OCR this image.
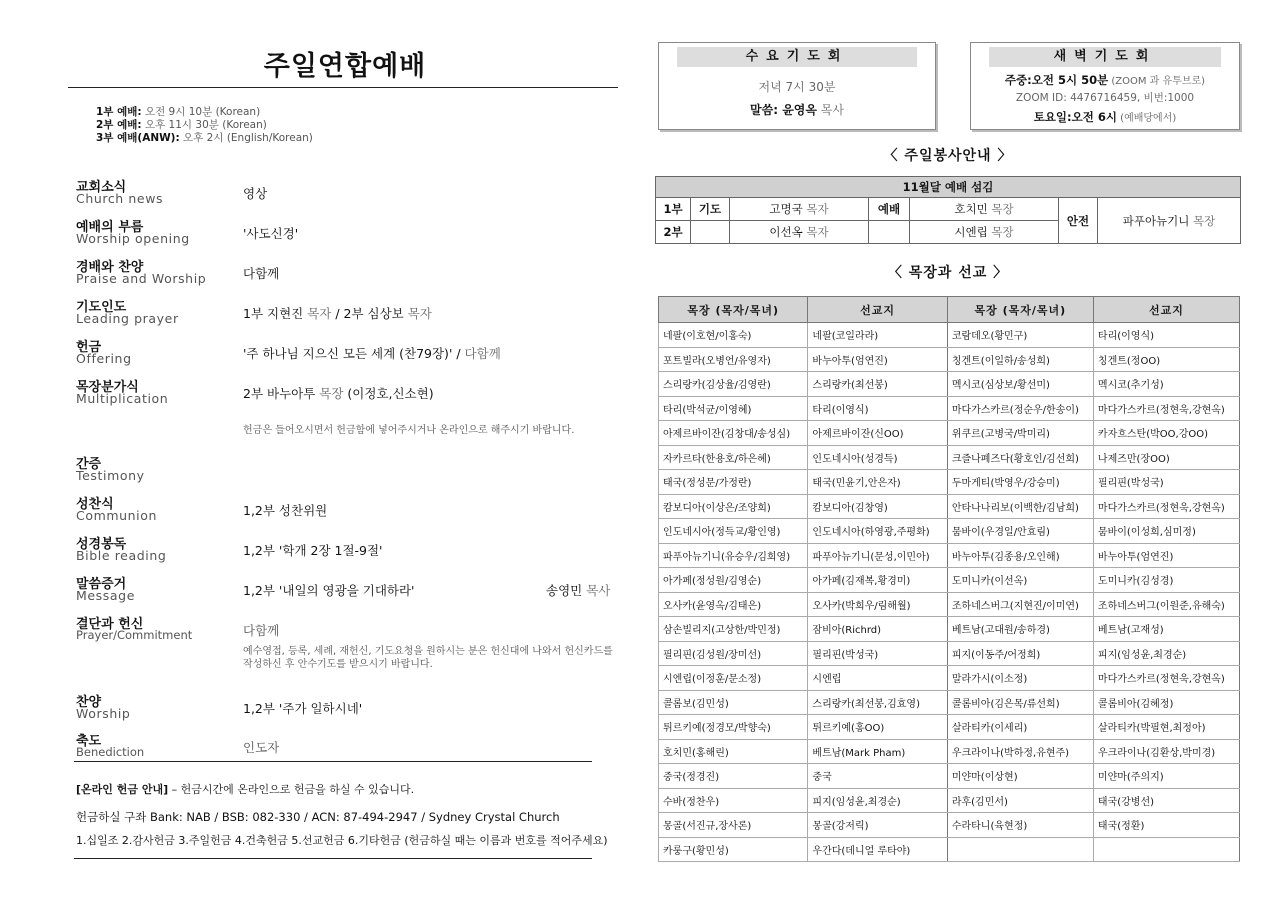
주일연합예배
1부 예배: 오전 9시 10분 (Korean)
2부 예배: 오후 11시 30분 (Korean)
3부 예배(ANW): 오후 2시 (English/Korean)
교회소식
Church news	영상
예배의 부름
Worship opening	'사도신경'
경배와 찬양
Praise and Worship	다함께
기도인도
Leading prayer	1부 지현진 목자 / 2부 심상보 목자
헌금
Offering	'주 하나님 지으신 모든 세계 (찬79장)' / 다함께
목장분가식
Multiplication	2부 바누아투 목장 (이정호,신소현)
헌금은 들어오시면서 헌금함에 넣어주시거나 온라인으로 해주시기 바랍니다.
간증
Testimony
성찬식
Communion	1,2부 성찬위원
성경봉독
Bible reading	1,2부 '학개 2장 1절-9절'
말씀증거
Message	1,2부 '내일의 영광을 기대하라'	송영민 목사
결단과 헌신
Prayer/Commitment	다함께
예수영접, 등록, 세례, 재헌신, 기도요청을 원하시는 분은 헌신대에 나와서 헌신카드를 작성하신 후 안수기도를 받으시기 바랍니다.
찬양
Worship	1,2부 '주가 일하시네'
축도
Benediction	인도자
[온라인 헌금 안내] – 헌금시간에 온라인으로 헌금을 하실 수 있습니다.
헌금하실 구좌 Bank: NAB / BSB: 082-330 / ACN: 87-494-2947 / Sydney Crystal Church
1.십일조 2.감사헌금 3.주일헌금 4.건축헌금 5.선교헌금 6.기타헌금 (헌금하실 때는 이름과 번호를 적어주세요)
수요기도회
저녁 7시 30분
말씀: 윤영옥 목사
새벽기도회
주중:오전 5시 50분 (ZOOM 과 유투브로)
ZOOM ID: 4476716459, 비번:1000
토요일:오전 6시 (예배당에서)
〈 주일봉사안내 〉
11월달 예배 섬김						
1부	기도	고명국 목자	예배	호치민 목장	안전	파푸아뉴기니 목장
2부		이선옥 목자		시엔립 목장		
〈 목장과 선교 〉
목장 (목자/목녀)	선교지	목장 (목자/목녀)	선교지
네팔(이호현/이홍숙)	네팔(코일라라)	코람데오(황민구)	타리(이영식)
포트빌라(오병언/유영자)	바누아투(엄연진)	칭겐트(이일하/송성희)	칭겐트(정OO)
스리랑카(김상율/김영란)	스리랑카(최선봉)	멕시코(심상보/황선미)	멕시코(추기성)
타리(박석균/이영혜)	타리(이영식)	마다가스카르(정순우/한송이)	마다가스카르(정현욱,강현옥)
아제르바이잔(김창대/송성심)	아제르바이잔(신OO)	위쿠르(고병국/박미리)	카자흐스탄(박OO,강OO)
자카르타(한용호/하은혜)	인도네시아(성경득)	크즐나폐즈다(황호인/김선희)	나제즈만(장OO)
태국(정성문/가정란)	태국(민윤기,안은자)	두마게티(박영우/강승미)	필리핀(박성국)
캄보디아(이상은/조양희)	캄보디아(김창영)	안타나나리보(이백한/김남희)	마다가스카르(정현욱,강현옥)
인도네시아(정득교/황인영)	인도네시아(하영광,주평화)	뭄바이(우경일/안효림)	뭄바이(이성희,심미정)
파푸아뉴기니(유승우/김희영)	파푸아뉴기니(문성,이민아)	바누아투(김종용/오인해)	바누아투(엄연진)
아가페(정성원/김영순)	아가페(김재복,황경미)	도미니카(이선옥)	도미니카(김성경)
오사카(윤영옥/김태은)	오사카(박희우/림해월)	조하네스버그(지현진/이미연)	조하네스버그(이원준,유해숙)
삼손빌리지(고상한/박민정)	잠비아(Richrd)	베트남(고대원/송하경)	베트남(고재성)
필리핀(김성원/장미선)	필리핀(박성국)	피지(이동주/어정희)	피지(임성윤,최경순)
시엔립(이정훈/문소정)	시엔립	말라가시(이소정)	마다가스카르(정현욱,강현옥)
콜롬보(김민성)	스리랑카(최선봉,김효영)	콜롬비아(김은목/류선희)	콜롬비아(김혜정)
튀르키예(정경모/박향숙)	튀르키예(홍OO)	살라티카(이세리)	살라티카(박필현,최정아)
호치민(홍해린)	베트남(Mark Pham)	우크라이나(박하정,유현주)	우크라이나(김환상,박미경)
중국(정경진)	중국	미얀마(이상현)	미얀마(주의지)
수바(정찬우)	피지(임성윤,최경순)	라후(김민서)	태국(강병선)
몽골(서진규,장사론)	몽골(강저릭)	수라타니(육현정)	태국(정환)
카룽구(황민성)	우간다(데니얼 루타야)		
